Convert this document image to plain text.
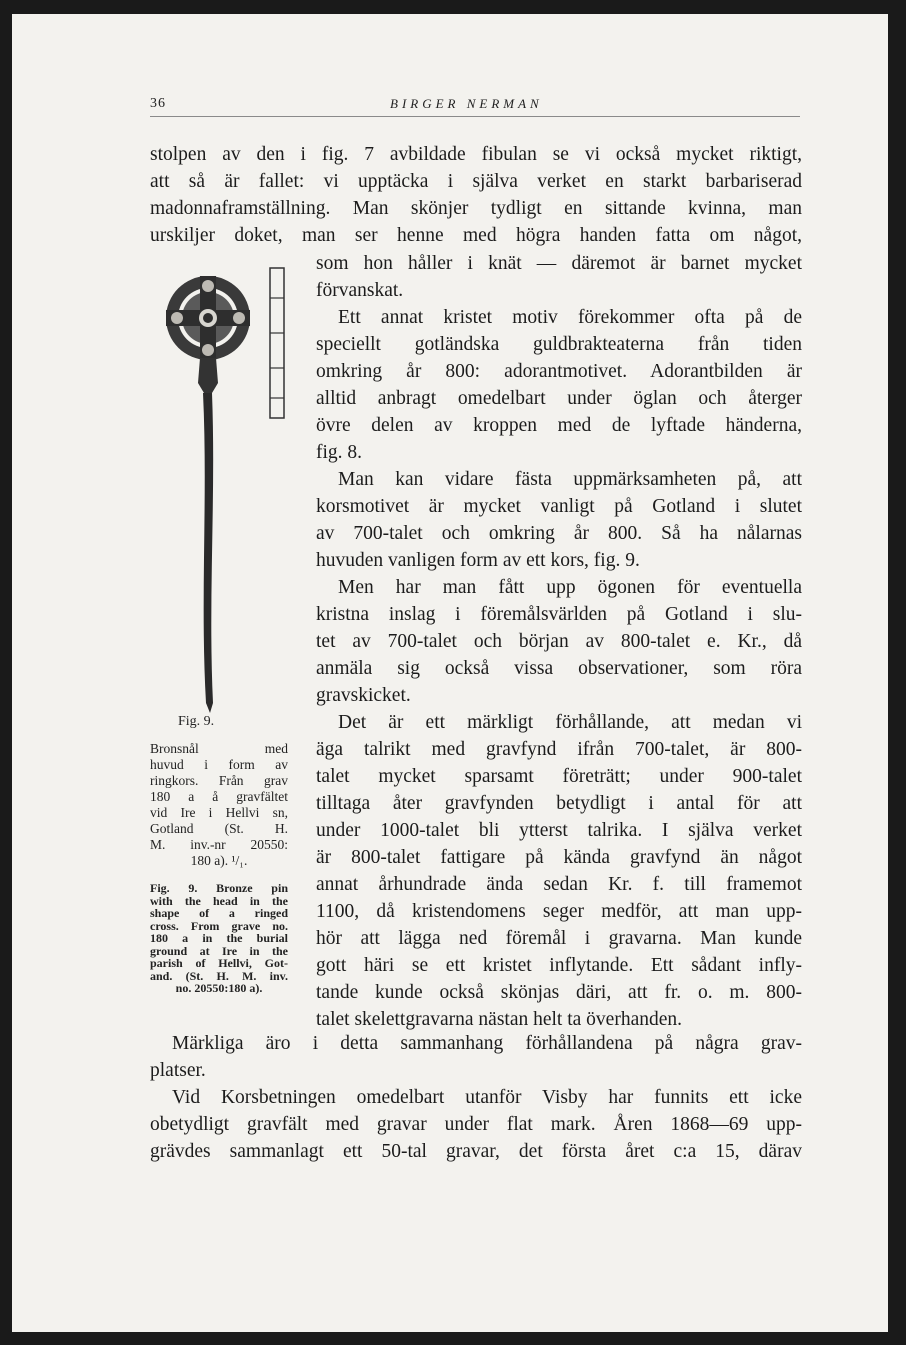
36	BIRGER NERMAN

stolpen av den i fig. 7 avbildade fibulan se vi också mycket riktigt,
att så är fallet: vi upptäcka i själva verket en starkt barbariserad
madonnaframställning. Man skönjer tydligt en sittande kvinna, man
urskiljer doket, man ser henne med högra handen fatta om något,

Fig. 9.

Bronsnål med
huvud i form av
ringkors. Från grav
180 a å gravfältet
vid Ire i Hellvi sn,
Gotland (St. H.
M. inv.-nr 20550:
180 a). ¹/₁.

Fig. 9. Bronze pin
with the head in the
shape of a ringed
cross. From grave no.
180 a in the burial
ground at Ire in the
parish of Hellvi, Got-
and. (St. H. M. inv.
no. 20550:180 a).

som hon håller i knät — däremot är barnet mycket
förvanskat.
Ett annat kristet motiv förekommer ofta på de
speciellt gotländska guldbrakteaterna från tiden
omkring år 800: adorantmotivet. Adorantbilden är
alltid anbragt omedelbart under öglan och återger
övre delen av kroppen med de lyftade händerna,
fig. 8.
Man kan vidare fästa uppmärksamheten på, att
korsmotivet är mycket vanligt på Gotland i slutet
av 700-talet och omkring år 800. Så ha nålarnas
huvuden vanligen form av ett kors, fig. 9.
Men har man fått upp ögonen för eventuella
kristna inslag i föremålsvärlden på Gotland i slu-
tet av 700-talet och början av 800-talet e. Kr., då
anmäla sig också vissa observationer, som röra
gravskicket.
Det är ett märkligt förhållande, att medan vi
äga talrikt med gravfynd ifrån 700-talet, är 800-
talet mycket sparsamt företrätt; under 900-talet
tilltaga åter gravfynden betydligt i antal för att
under 1000-talet bli ytterst talrika. I själva verket
är 800-talet fattigare på kända gravfynd än något
annat århundrade ända sedan Kr. f. till framemot
1100, då kristendomens seger medför, att man upp-
hör att lägga ned föremål i gravarna. Man kunde
gott häri se ett kristet inflytande. Ett sådant infly-
tande kunde också skönjas däri, att fr. o. m. 800-
talet skelettgravarna nästan helt ta överhanden.

Märkliga äro i detta sammanhang förhållandena på några grav-
platser.
Vid Korsbetningen omedelbart utanför Visby har funnits ett icke
obetydligt gravfält med gravar under flat mark. Åren 1868—69 upp-
grävdes sammanlagt ett 50-tal gravar, det första året c:a 15, därav
